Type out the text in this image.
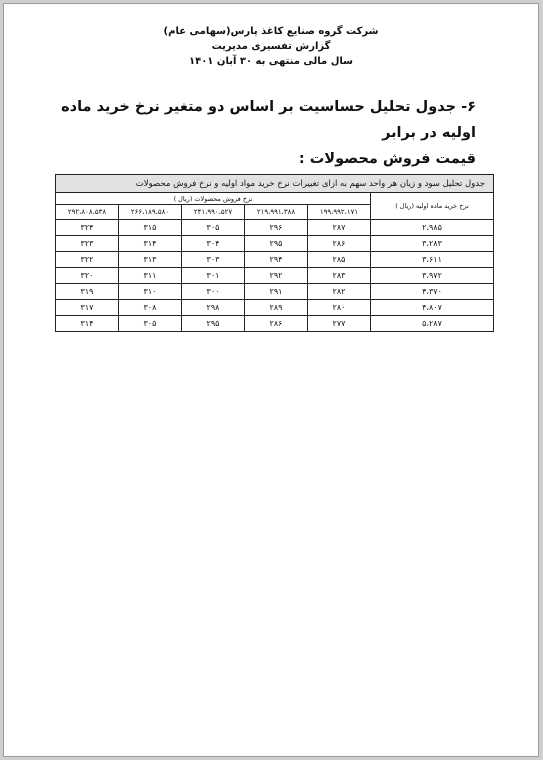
شرکت گروه صنایع کاغذ پارس(سهامی عام)
گزارش تفسیری مدیریت
سال مالی منتهی به ۳۰ آبان ۱۴۰۱
۶- جدول تحلیل حساسیت بر اساس دو متغیر نرخ خرید ماده اولیه در برابر
قیمت فروش محصولات :
جدول تحلیل سود و زیان هر واحد سهم به ازای تغییرات نرخ خرید مواد اولیه و نرخ فروش محصولات					
نرخ خرید ماده اولیه (ریال )	نرخ فروش محصولات (ریال )				
	۱۹۹،۹۹۲،۱۷۱	۲۱۹،۹۹۱،۳۸۸	۲۴۱،۹۹۰،۵۲۷	۲۶۶،۱۸۹،۵۸۰	۲۹۲،۸۰۸،۵۳۸
۲،۹۸۵	۲۸۷	۲۹۶	۳۰۵	۳۱۵	۳۲۴
۳،۲۸۳	۲۸۶	۲۹۵	۳۰۴	۳۱۴	۳۲۳
۳،۶۱۱	۲۸۵	۲۹۴	۳۰۳	۳۱۳	۳۲۲
۳،۹۷۲	۲۸۳	۲۹۲	۳۰۱	۳۱۱	۳۲۰
۴،۳۷۰	۲۸۲	۲۹۱	۳۰۰	۳۱۰	۳۱۹
۴،۸۰۷	۲۸۰	۲۸۹	۲۹۸	۳۰۸	۳۱۷
۵،۲۸۷	۲۷۷	۲۸۶	۲۹۵	۳۰۵	۳۱۴
